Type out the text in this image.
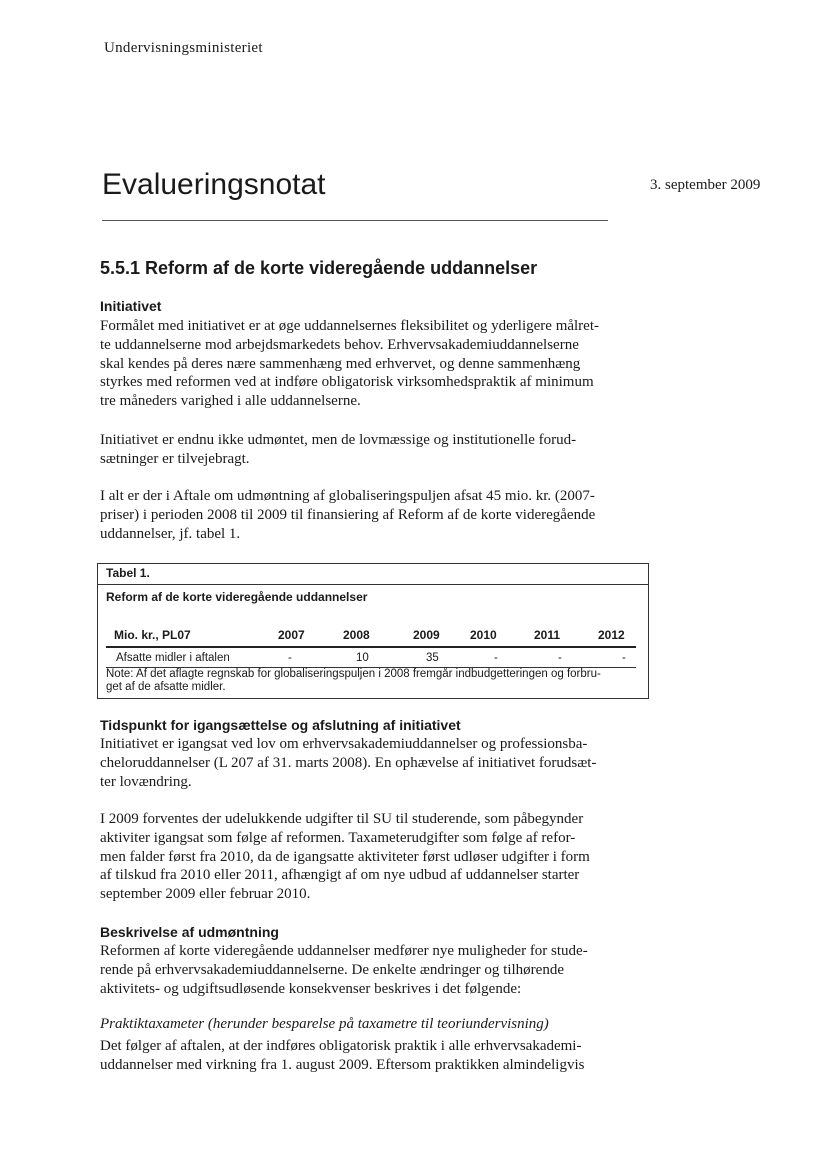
Undervisningsministeriet
Evalueringsnotat	3. september 2009
5.5.1 Reform af de korte videregående uddannelser
Initiativet

Formålet med initiativet er at øge uddannelsernes fleksibilitet og yderligere målret-
te uddannelserne mod arbejdsmarkedets behov. Erhvervsakademiuddannelserne
skal kendes på deres nære sammenhæng med erhvervet, og denne sammenhæng
styrkes med reformen ved at indføre obligatorisk virksomhedspraktik af minimum
tre måneders varighed i alle uddannelserne.

Initiativet er endnu ikke udmøntet, men de lovmæssige og institutionelle forud-
sætninger er tilvejebragt.

I alt er der i Aftale om udmøntning af globaliseringspuljen afsat 45 mio. kr. (2007-
priser) i perioden 2008 til 2009 til finansiering af Reform af de korte videregående
uddannelser, jf. tabel 1.

Tabel 1.
Reform af de korte videregående uddannelser
Mio. kr., PL07	2007	2008	2009	2010	2011	2012
Afsatte midler i aftalen	-	10	35	-	-	-
Note: Af det aflagte regnskab for globaliseringspuljen i 2008 fremgår indbudgetteringen og forbru-
get af de afsatte midler.
Tidspunkt for igangsættelse og afslutning af initiativet

Initiativet er igangsat ved lov om erhvervsakademiuddannelser og professionsba-
cheloruddannelser (L 207 af 31. marts 2008). En ophævelse af initiativet forudsæt-
ter lovændring.

I 2009 forventes der udelukkende udgifter til SU til studerende, som påbegynder
aktiviter igangsat som følge af reformen. Taxameterudgifter som følge af refor-
men falder først fra 2010, da de igangsatte aktiviteter først udløser udgifter i form
af tilskud fra 2010 eller 2011, afhængigt af om nye udbud af uddannelser starter
september 2009 eller februar 2010.

Beskrivelse af udmøntning

Reformen af korte videregående uddannelser medfører nye muligheder for stude-
rende på erhvervsakademiuddannelserne. De enkelte ændringer og tilhørende
aktivitets- og udgiftsudløsende konsekvenser beskrives i det følgende:

Praktiktaxameter (herunder besparelse på taxametre til teoriundervisning)

Det følger af aftalen, at der indføres obligatorisk praktik i alle erhvervsakademi-
uddannelser med virkning fra 1. august 2009. Eftersom praktikken almindeligvis
